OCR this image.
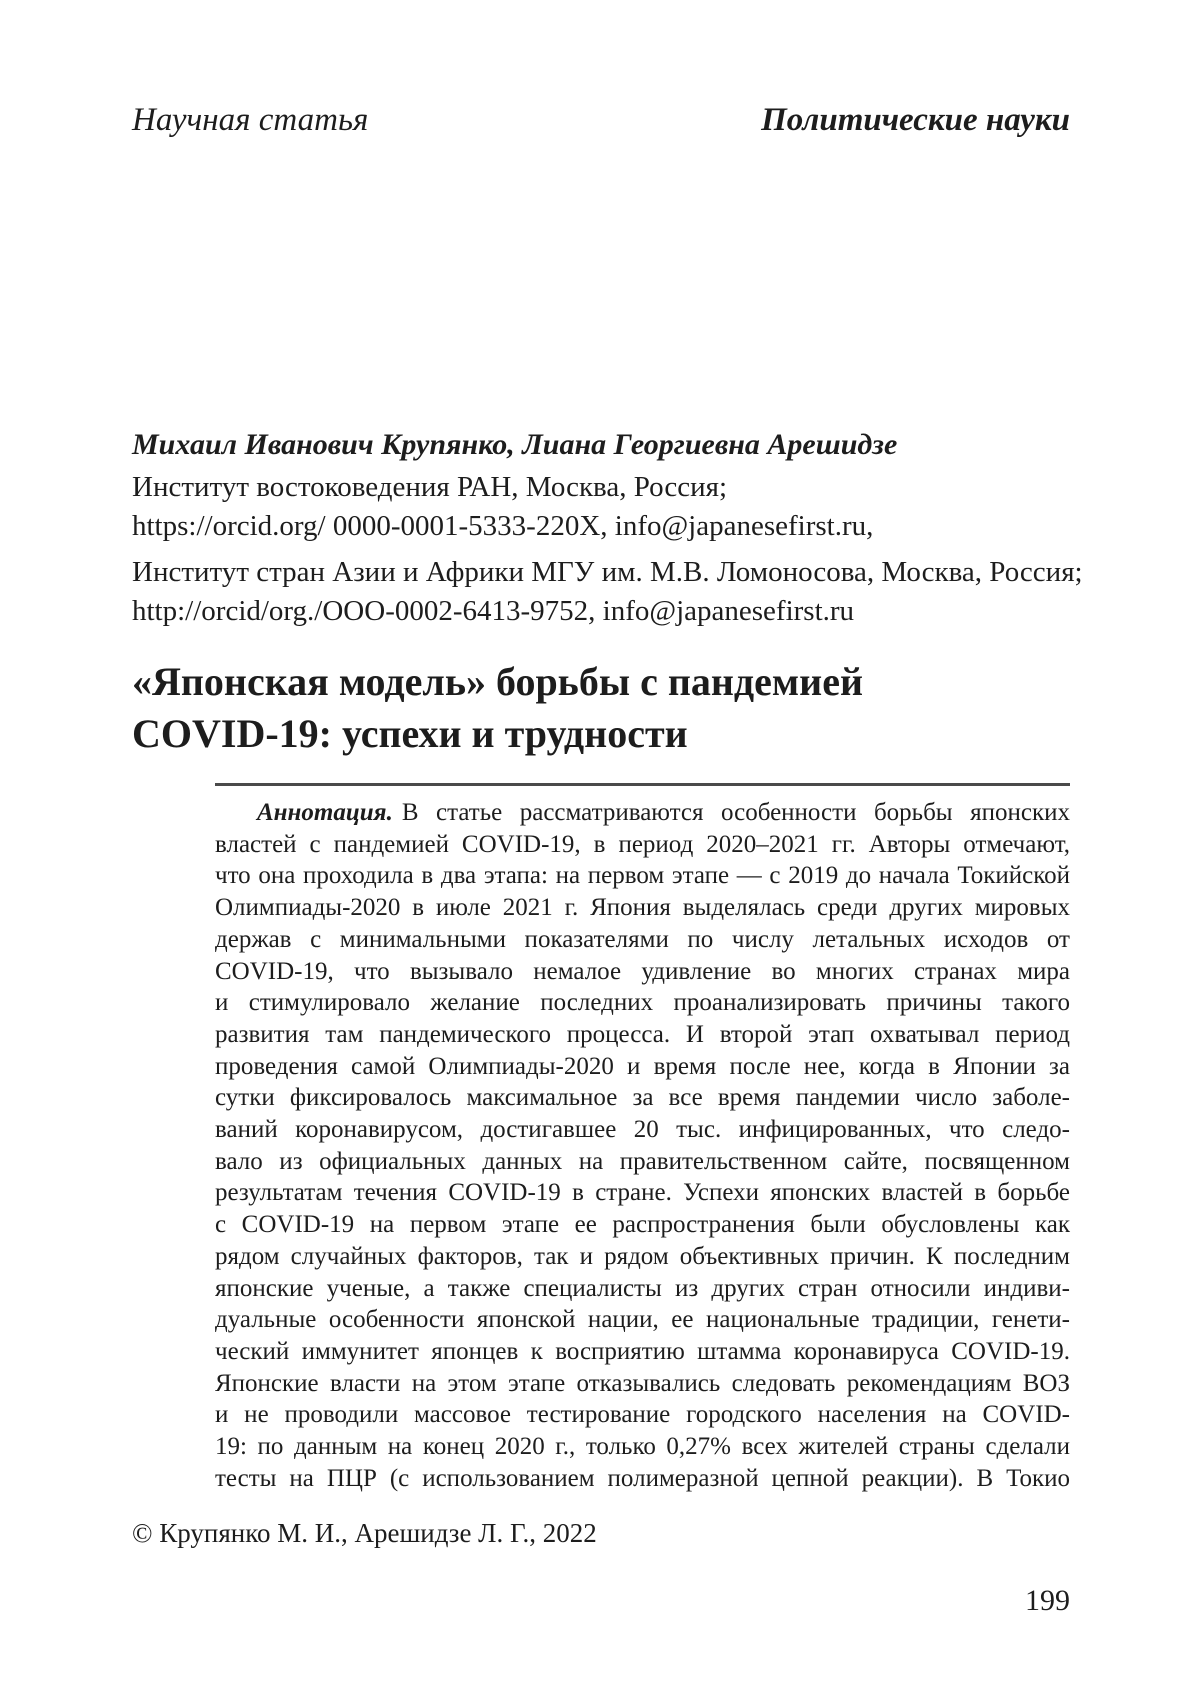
Научная статья	Политические науки
Михаил Иванович Крупянко, Лиана Георгиевна Арешидзе
Институт востоковедения РАН, Москва, Россия;
https://orcid.org/ 0000-0001-5333-220X, info@japanesefirst.ru,
Институт стран Азии и Африки МГУ им. М.В. Ломоносова, Москва, Россия;
http://orcid/org./OOO-0002-6413-9752, info@japanesefirst.ru
«Японская модель» борьбы с пандемией
COVID-19: успехи и трудности
Аннотация. В статье рассматриваются особенности борьбы японских
властей с пандемией COVID-19, в период 2020–2021 гг. Авторы отмечают,
что она проходила в два этапа: на первом этапе — с 2019 до начала Токийской
Олимпиады-2020 в июле 2021 г. Япония выделялась среди других мировых
держав с минимальными показателями по числу летальных исходов от
COVID-19, что вызывало немалое удивление во многих странах мира
и стимулировало желание последних проанализировать причины такого
развития там пандемического процесса. И второй этап охватывал период
проведения самой Олимпиады-2020 и время после нее, когда в Японии за
сутки фиксировалось максимальное за все время пандемии число заболе-
ваний коронавирусом, достигавшее 20 тыс. инфицированных, что следо-
вало из официальных данных на правительственном сайте, посвященном
результатам течения COVID-19 в стране. Успехи японских властей в борьбе
с COVID-19 на первом этапе ее распространения были обусловлены как
рядом случайных факторов, так и рядом объективных причин. К последним
японские ученые, а также специалисты из других стран относили индиви-
дуальные особенности японской нации, ее национальные традиции, генети-
ческий иммунитет японцев к восприятию штамма коронавируса COVID-19.
Японские власти на этом этапе отказывались следовать рекомендациям ВОЗ
и не проводили массовое тестирование городского населения на COVID-
19: по данным на конец 2020 г., только 0,27% всех жителей страны сделали
тесты на ПЦР (с использованием полимеразной цепной реакции). В Токио
© Крупянко М. И., Арешидзе Л. Г., 2022
199
